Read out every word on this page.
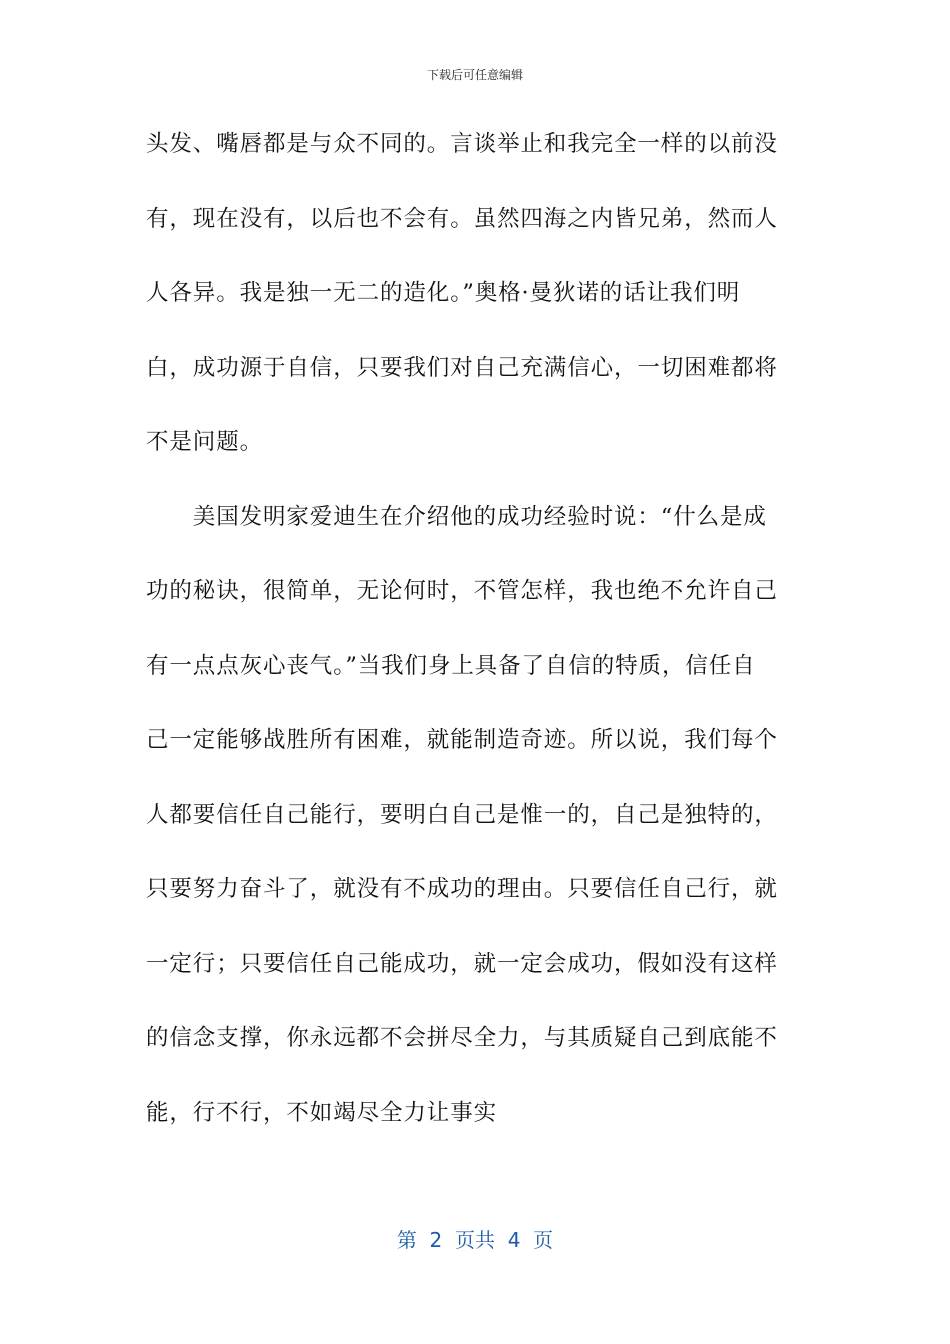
下载后可任意编辑
头发、嘴唇都是与众不同的。言谈举止和我完全一样的以前没
有，现在没有，以后也不会有。虽然四海之内皆兄弟，然而人
人各异。我是独一无二的造化。”奥格·曼狄诺的话让我们明
白，成功源于自信，只要我们对自己充满信心，一切困难都将
不是问题。
　　美国发明家爱迪生在介绍他的成功经验时说：“什么是成
功的秘诀，很简单，无论何时，不管怎样，我也绝不允许自己
有一点点灰心丧气。”当我们身上具备了自信的特质，信任自
己一定能够战胜所有困难，就能制造奇迹。所以说，我们每个
人都要信任自己能行，要明白自己是惟一的，自己是独特的，
只要努力奋斗了，就没有不成功的理由。只要信任自己行，就
一定行；只要信任自己能成功，就一定会成功，假如没有这样
的信念支撑，你永远都不会拼尽全力，与其质疑自己到底能不
能，行不行，不如竭尽全力让事实
第  2  页共  4  页
